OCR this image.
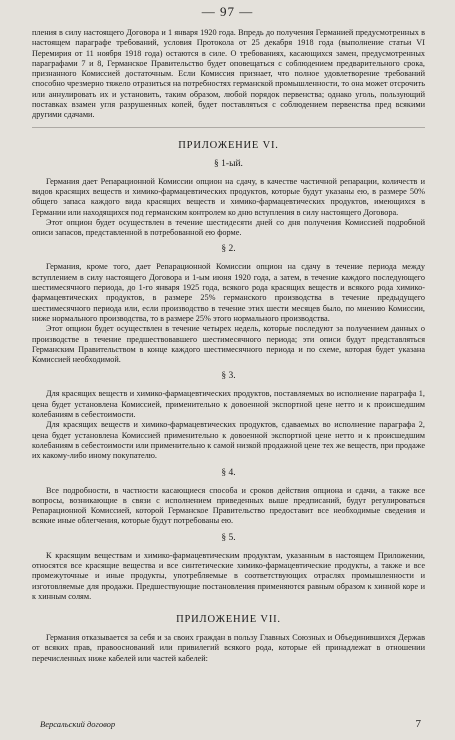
— 97 —

пления в силу настоящего Договора и 1 января 1920 года. Впредь до получения Германией предусмотренных в настоящем параграфе требований, условия Протокола от 25 декабря 1918 года (выполнение статьи VI Перемирия от 11 ноября 1918 года) остаются в силе. О требованиях, касающихся замен, предусмотренных параграфами 7 и 8, Германское Правительство будет оповещаться с соблюдением предварительного срока, признанного Комиссией достаточным. Если Комиссия признает, что полное удовлетворение требований способно чрезмерно тяжело отразиться на потребностях германской промышленности, то она может отсрочить или аннулировать их и установить, таким образом, любой порядок первенства; однако уголь, пользующий поставках взамен угля разрушенных копей, будет поставляться с соблюдением первенства пред всякими другими сдачами.

ПРИЛОЖЕНИЕ VI.
§ 1-ый.

Германия дает Репарационной Комиссии опцион на сдачу, в качестве частичной репарации, количеств и видов красящих веществ и химико-фармацевтических продуктов, которые будут указаны ею, в размере 50% общего запаса каждого вида красящих веществ и химико-фармацевтических продуктов, имеющихся в Германии или находящихся под германским контролем ко дню вступления в силу настоящего Договора.

Этот опцион будет осуществлен в течение шестидесяти дней со дня получения Комиссией подробной описи запасов, представленной в потребованной ею форме.

§ 2.

Германия, кроме того, дает Репарационной Комиссии опцион на сдачу в течение периода между вступлением в силу настоящего Договора и 1-ым июня 1920 года, а затем, в течение каждого последующего шестимесячного периода, до 1-го января 1925 года, всякого рода красящих веществ и всякого рода химико-фармацевтических продуктов, в размере 25% германского производства в течение предыдущего шестимесячного периода или, если производство в течение этих шести месяцев было, по мнению Комиссии, ниже нормального производства, то в размере 25% этого нормального производства.

Этот опцион будет осуществлен в течение четырех недель, которые последуют за получением данных о производстве в течение предшествовавшего шестимесячного периода; эти описи будут представляться Германским Правительством в конце каждого шестимесячного периода и по схеме, которая будет указана Комиссией необходимой.

§ 3.

Для красящих веществ и химико-фармацевтических продуктов, поставляемых во исполнение параграфа 1, цена будет установлена Комиссией, применительно к довоенной экспортной цене нетто и к происшедшим колебаниям в себестоимости.

Для красящих веществ и химико-фармацевтических продуктов, сдаваемых во исполнение параграфа 2, цена будет установлена Комиссией применительно к довоенной экспортной цене нетто и к происшедшим колебаниям в себестоимости или применительно к самой низкой продажной цене тех же веществ, при продаже их какому-либо иному покупателю.

§ 4.

Все подробности, в частности касающиеся способа и сроков действия опциона и сдачи, а также все вопросы, возникающие в связи с исполнением приведенных выше предписаний, будут регулироваться Репарационной Комиссией, которой Германское Правительство предоставит все необходимые сведения и всякие иные облегчения, которые будут потребованы ею.

§ 5.

К красящим веществам и химико-фармацевтическим продуктам, указанным в настоящем Приложении, относятся все красящие вещества и все синтетические химико-фармацевтические продукты, а также и все промежуточные и иные продукты, употребляемые в соответствующих отраслях промышленности и изготовляемые для продажи. Предшествующие постановления применяются равным образом к хинной коре и к хинным солям.

ПРИЛОЖЕНИЕ VII.

Германия отказывается за себя и за своих граждан в пользу Главных Союзных и Объединившихся Держав от всяких прав, правооснований или привилегий всякого рода, которые ей принадлежат в отношении перечисленных ниже кабелей или частей кабелей:

Версальский договор	7
